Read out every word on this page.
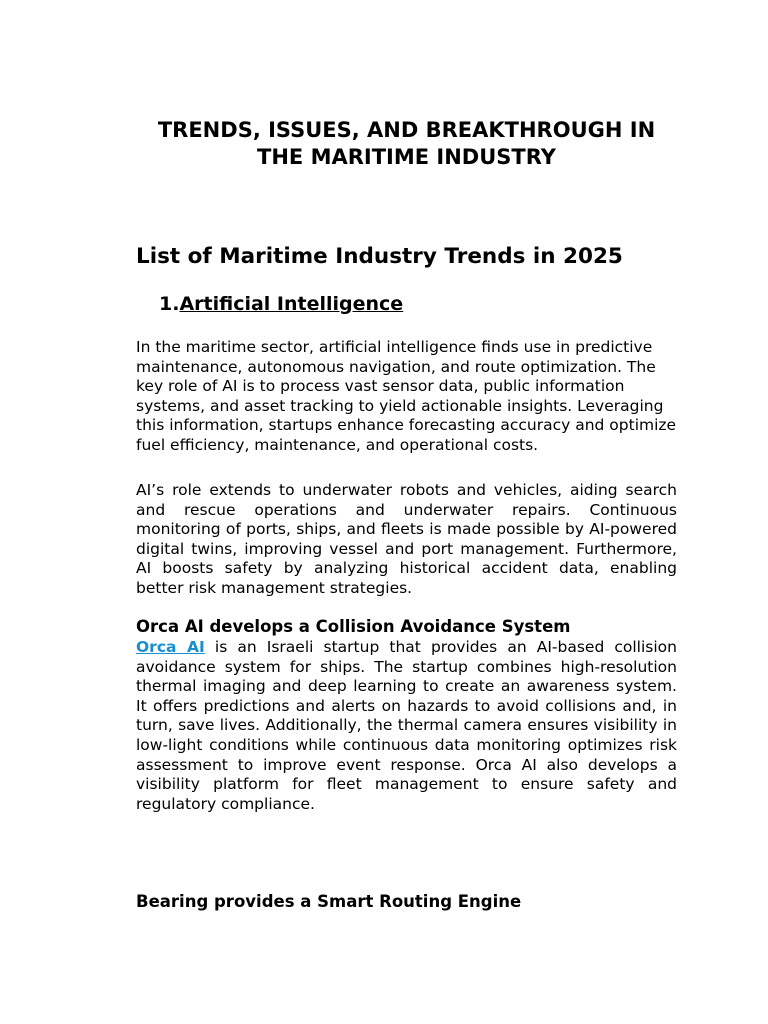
TRENDS, ISSUES, AND BREAKTHROUGH IN
THE MARITIME INDUSTRY
List of Maritime Industry Trends in 2025
1.Artificial Intelligence

In the maritime sector, artificial intelligence finds use in predictive maintenance, autonomous navigation, and route optimization. The key role of AI is to process vast sensor data, public information systems, and asset tracking to yield actionable insights. Leveraging this information, startups enhance forecasting accuracy and optimize fuel efficiency, maintenance, and operational costs.

AI’s role extends to underwater robots and vehicles, aiding search and rescue operations and underwater repairs. Continuous monitoring of ports, ships, and fleets is made possible by AI-powered digital twins, improving vessel and port management. Furthermore, AI boosts safety by analyzing historical accident data, enabling better risk management strategies.

Orca AI develops a Collision Avoidance System

Orca AI is an Israeli startup that provides an AI-based collision avoidance system for ships. The startup combines high-resolution thermal imaging and deep learning to create an awareness system. It offers predictions and alerts on hazards to avoid collisions and, in turn, save lives. Additionally, the thermal camera ensures visibility in low-light conditions while continuous data monitoring optimizes risk assessment to improve event response. Orca AI also develops a visibility platform for fleet management to ensure safety and regulatory compliance.

Bearing provides a Smart Routing Engine
